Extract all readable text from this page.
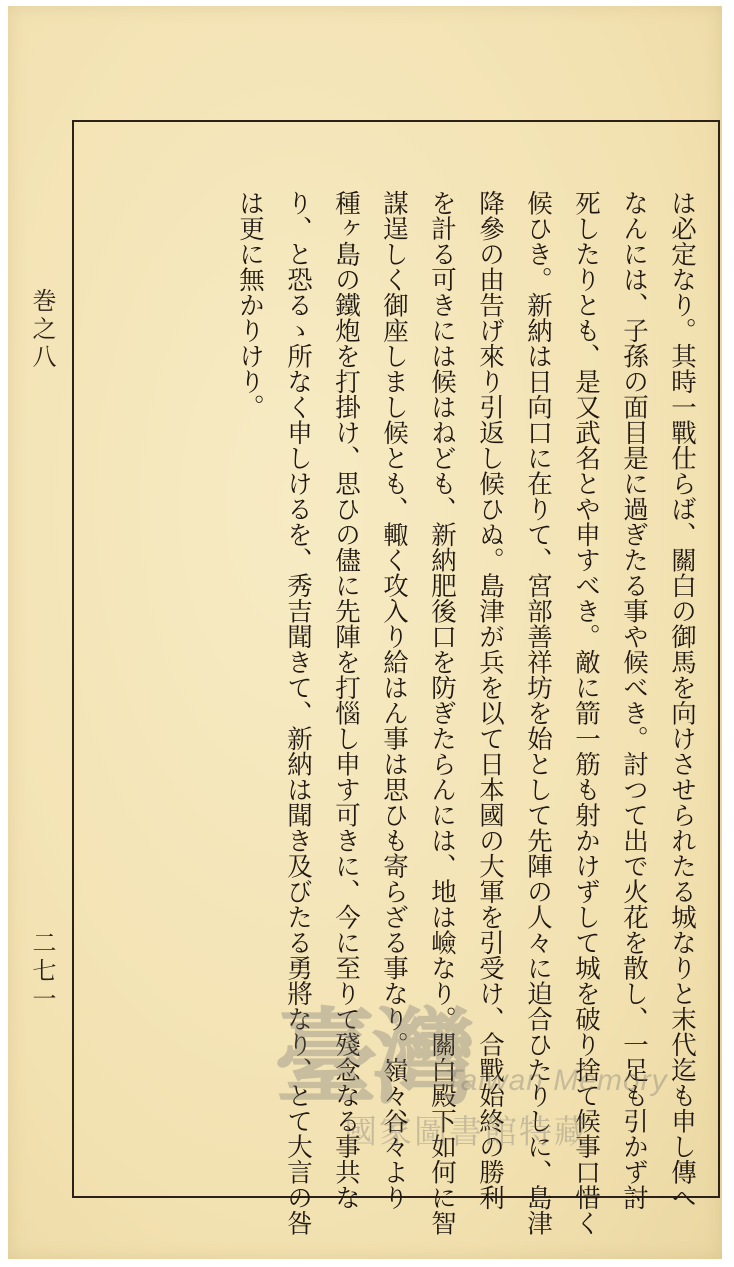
巻之八
二七一	は必定なり。其時一戰仕らば、關白の御馬を向けさせられたる城なりと末代迄も申し傳へ
なんには、子孫の面目是に過ぎたる事や候べき。討つて出で火花を散し、一足も引かず討
死したりとも、是又武名とや申すべき。敵に箭一筋も射かけずして城を破り捨て候事口惜く
候ひき。新納は日向口に在りて、宮部善祥坊を始として先陣の人々に迫合ひたりしに、島津
降參の由告げ來り引返し候ひぬ。島津が兵を以て日本國の大軍を引受け、合戰始終の勝利
を計る可きには候はねども、新納肥後口を防ぎたらんには、地は嶮なり。關白殿下如何に智
謀逞しく御座しまし候とも、輙く攻入り給はん事は思ひも寄らざる事なり。嶺々谷々より
種ヶ島の鐵炮を打掛け、思ひの儘に先陣を打惱し申す可きに、今に至りて殘念なる事共な
り、と恐るゝ所なく申しけるを、秀吉聞きて、新納は聞き及びたる勇將なり、とて大言の咎
は更に無かりけり。
臺灣
Taiwan Memory
國家圖書館特藏
